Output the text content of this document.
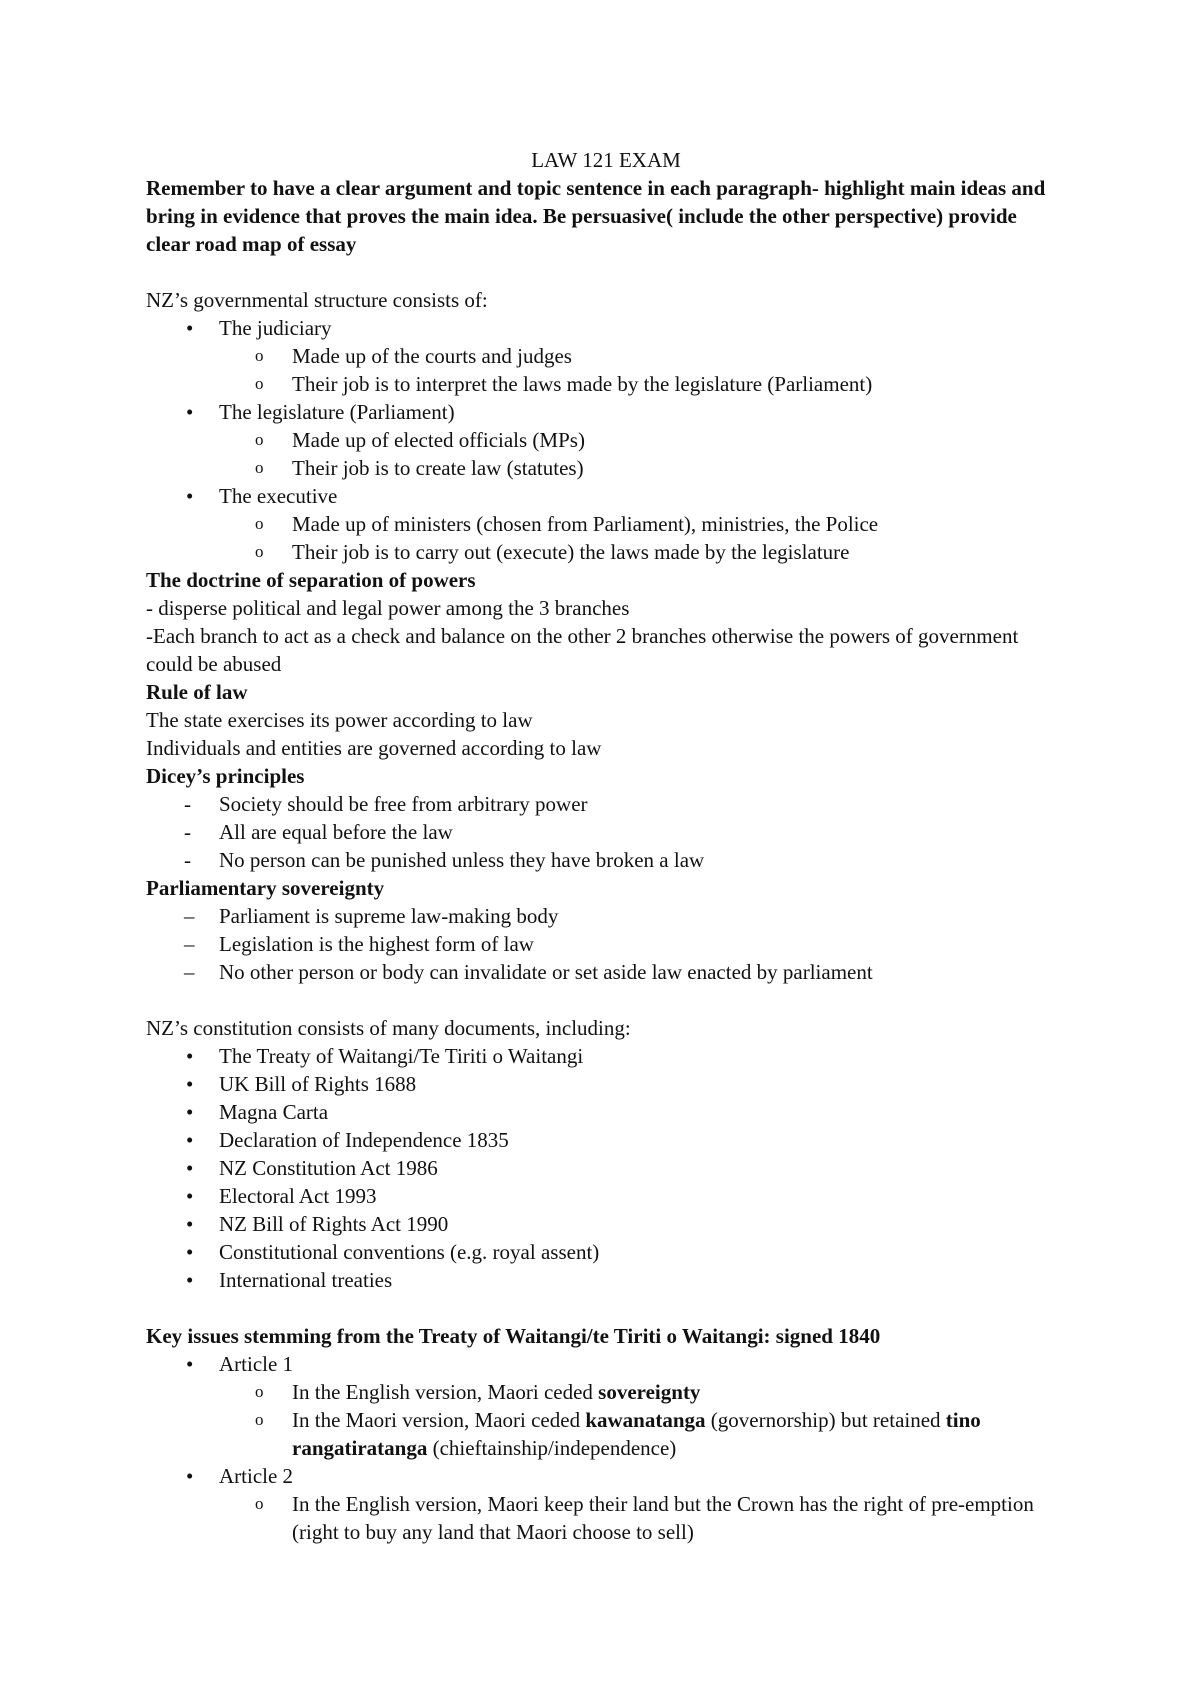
LAW 121 EXAM

Remember to have a clear argument and topic sentence in each paragraph- highlight main ideas and bring in evidence that proves the main idea. Be persuasive( include the other perspective) provide clear road map of essay

NZ’s governmental structure consists of:

•
The judiciary
o
Made up of the courts and judges
o
Their job is to interpret the laws made by the legislature (Parliament)
•
The legislature (Parliament)
o
Made up of elected officials (MPs)
o
Their job is to create law (statutes)
•
The executive
o
Made up of ministers (chosen from Parliament), ministries, the Police
o
Their job is to carry out (execute) the laws made by the legislature

The doctrine of separation of powers

- disperse political and legal power among the 3 branches

-Each branch to act as a check and balance on the other 2 branches otherwise the powers of government could be abused

Rule of law

The state exercises its power according to law

Individuals and entities are governed according to law

Dicey’s principles

-
Society should be free from arbitrary power
-
All are equal before the law
-
No person can be punished unless they have broken a law

Parliamentary sovereignty

–
Parliament is supreme law-making body
–
Legislation is the highest form of law
–
No other person or body can invalidate or set aside law enacted by parliament

NZ’s constitution consists of many documents, including:

•
The Treaty of Waitangi/Te Tiriti o Waitangi
•
UK Bill of Rights 1688
•
Magna Carta
•
Declaration of Independence 1835
•
NZ Constitution Act 1986
•
Electoral Act 1993
•
NZ Bill of Rights Act 1990
•
Constitutional conventions (e.g. royal assent)
•
International treaties

Key issues stemming from the Treaty of Waitangi/te Tiriti o Waitangi: signed 1840

•
Article 1
o
In the English version, Maori ceded sovereignty
o
In the Maori version, Maori ceded kawanatanga (governorship) but retained tino rangatiratanga (chieftainship/independence)
•
Article 2
o
In the English version, Maori keep their land but the Crown has the right of pre-emption (right to buy any land that Maori choose to sell)
